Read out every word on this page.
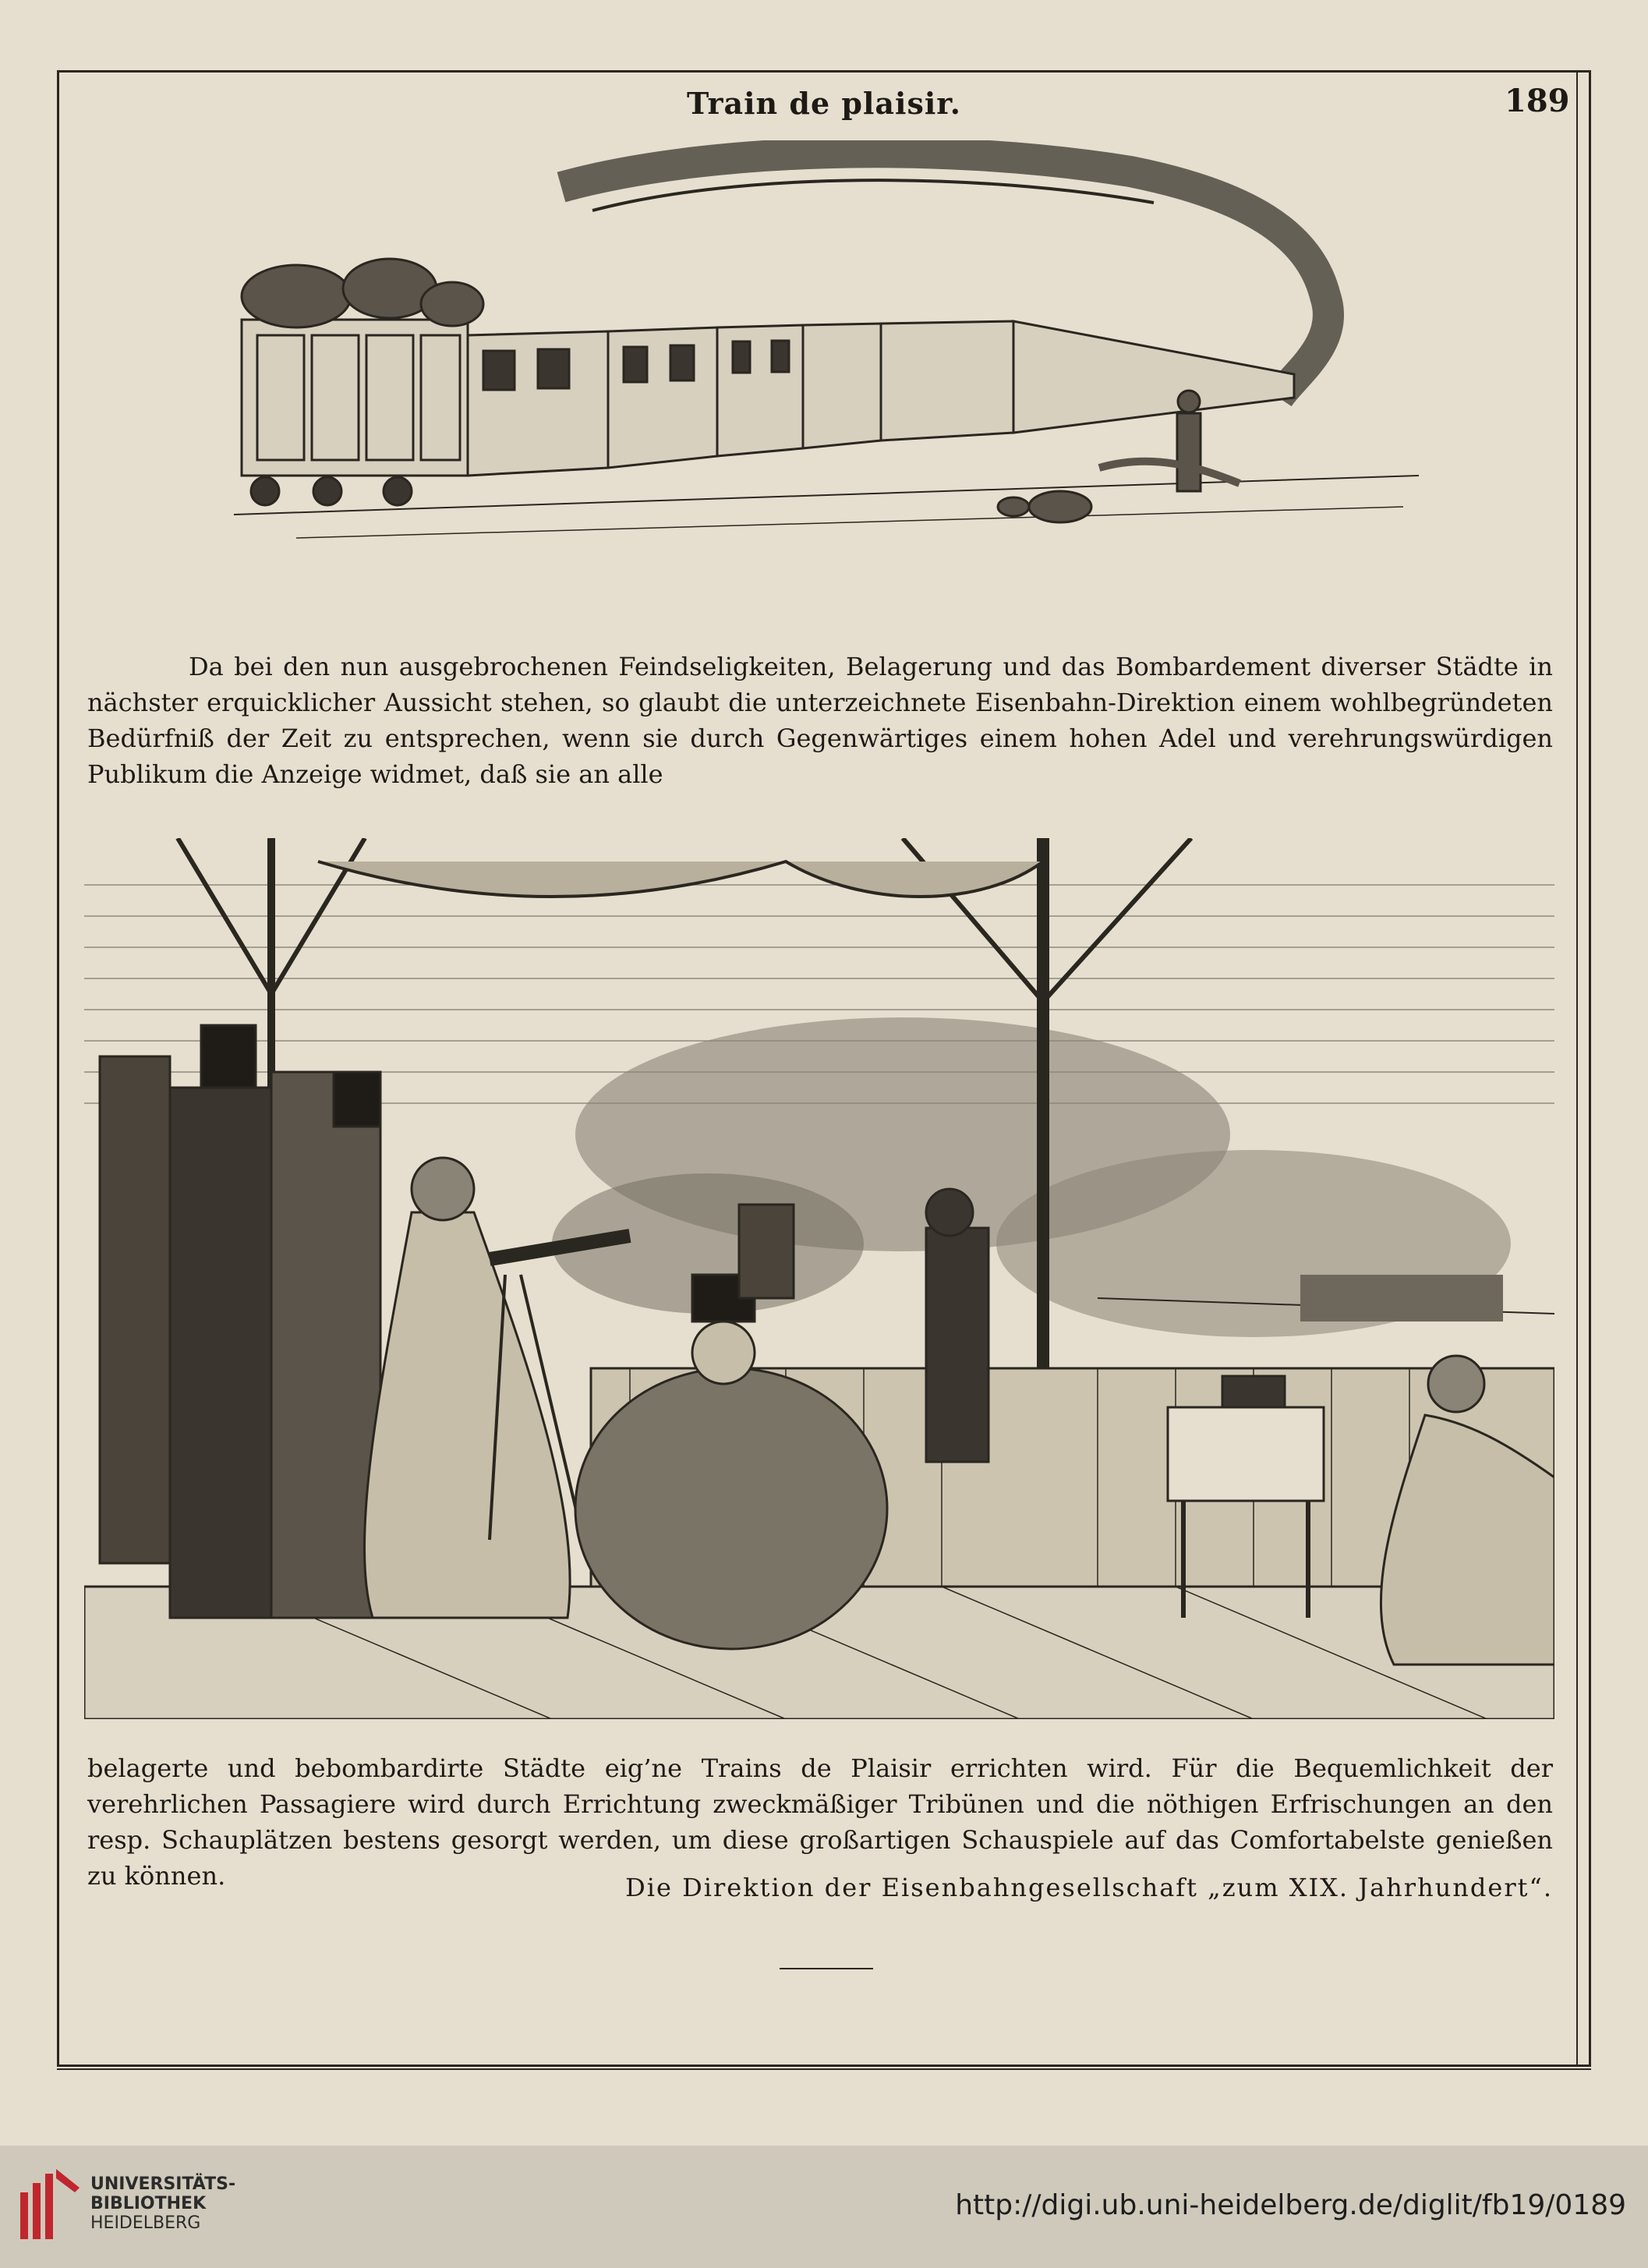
Train de plaisir.	189
Da bei den nun ausgebrochenen Feindseligkeiten, Belagerung und das Bombardement diverser Städte in nächster erquicklicher Aussicht stehen, so glaubt die unterzeichnete Eisenbahn-Direktion einem wohlbegründeten Bedürfniß der Zeit zu entsprechen, wenn sie durch Gegenwärtiges einem hohen Adel und verehrungswürdigen Publikum die Anzeige widmet, daß sie an alle
belagerte und bebombardirte Städte eig’ne Trains de Plaisir errichten wird. Für die Bequemlichkeit der verehrlichen Passagiere wird durch Errichtung zweckmäßiger Tribünen und die nöthigen Erfrischungen an den resp. Schauplätzen bestens gesorgt werden, um diese großartigen Schauspiele auf das Comfortabelste genießen zu können.	Die Direktion der Eisenbahngesellschaft „zum XIX. Jahrhundert“.
UNIVERSITÄTS-
BIBLIOTHEK
HEIDELBERG
http://digi.ub.uni-heidelberg.de/diglit/fb19/0189
